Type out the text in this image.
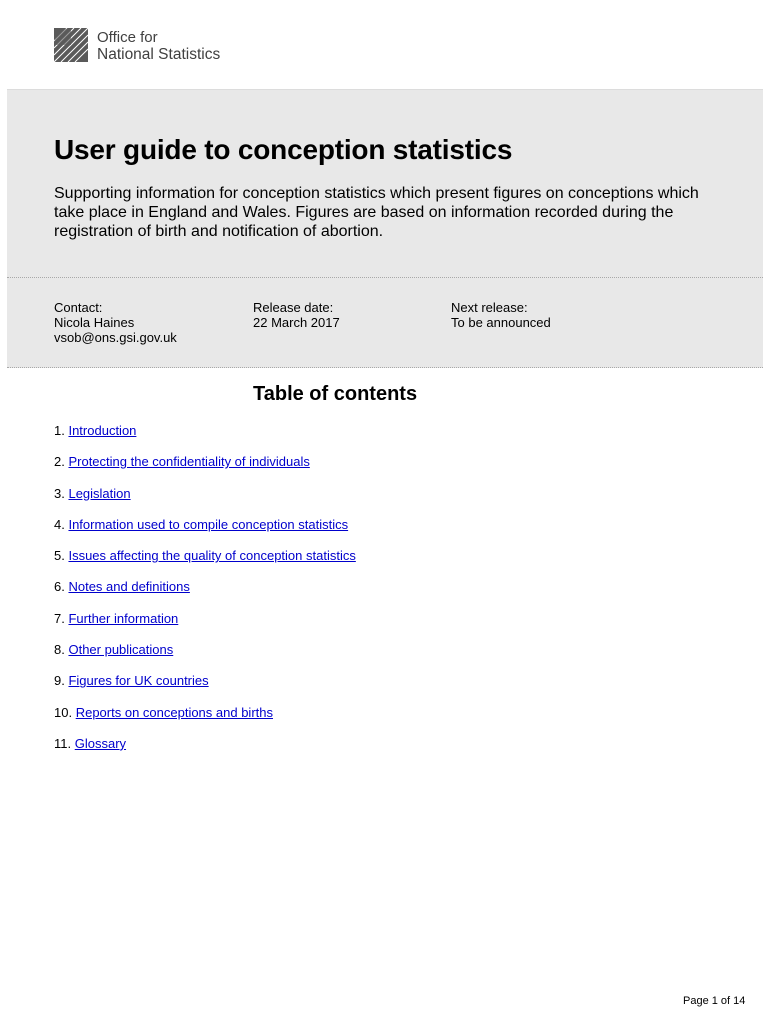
Office for
National Statistics
User guide to conception statistics

Supporting information for conception statistics which present figures on conceptions which take place in England and Wales. Figures are based on information recorded during the registration of birth and notification of abortion.

Contact:
Nicola Haines
vsob@ons.gsi.gov.uk
Release date:
22 March 2017
Next release:
To be announced
Table of contents
1. Introduction
2. Protecting the confidentiality of individuals
3. Legislation
4. Information used to compile conception statistics
5. Issues affecting the quality of conception statistics
6. Notes and definitions
7. Further information
8. Other publications
9. Figures for UK countries
10. Reports on conceptions and births
11. Glossary
Page 1 of 14
